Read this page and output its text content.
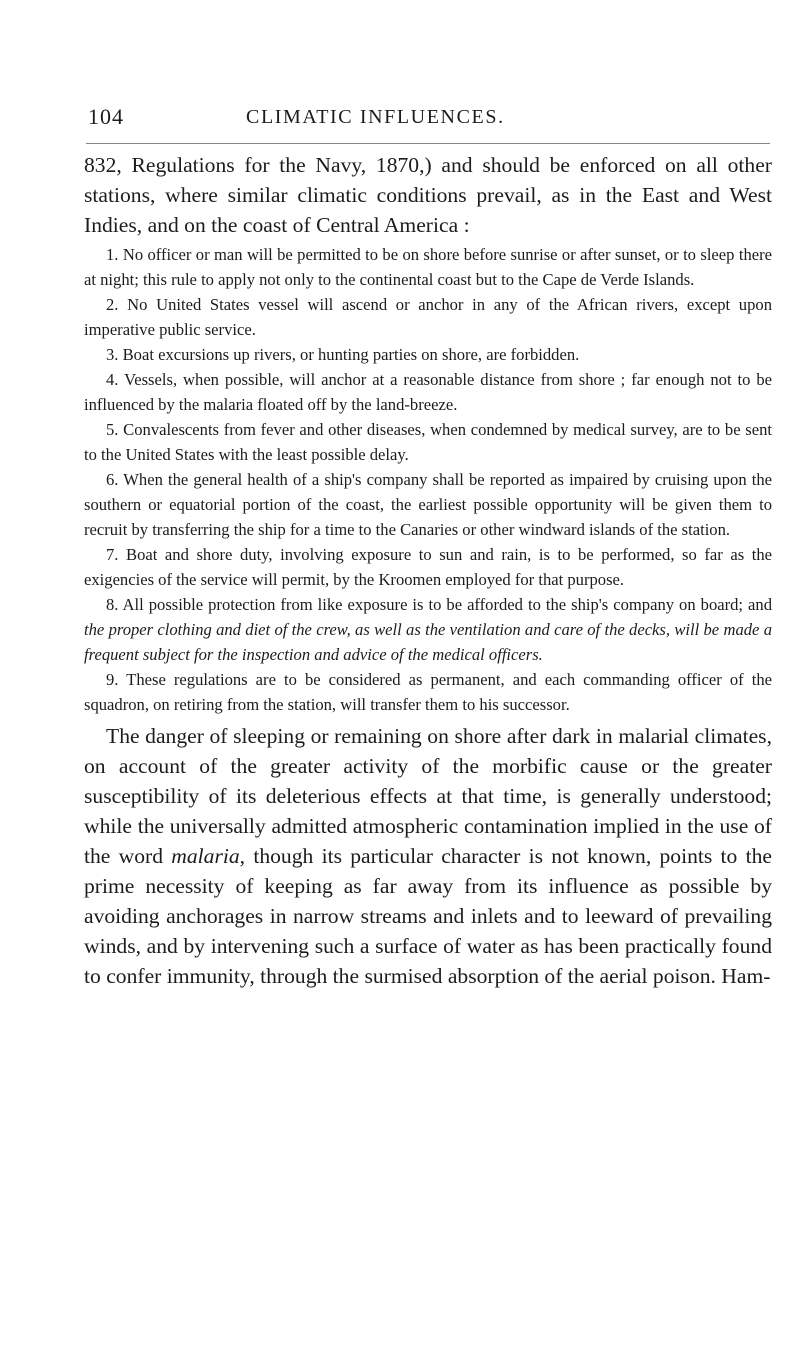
104	CLIMATIC INFLUENCES.

832, Regulations for the Navy, 1870,) and should be enforced on all other stations, where similar climatic conditions prevail, as in the East and West Indies, and on the coast of Central America :

1. No officer or man will be permitted to be on shore before sunrise or after sunset, or to sleep there at night; this rule to apply not only to the continental coast but to the Cape de Verde Islands.
2. No United States vessel will ascend or anchor in any of the African rivers, except upon imperative public service.
3. Boat excursions up rivers, or hunting parties on shore, are forbidden.
4. Vessels, when possible, will anchor at a reasonable distance from shore ; far enough not to be influenced by the malaria floated off by the land-breeze.
5. Convalescents from fever and other diseases, when condemned by medical survey, are to be sent to the United States with the least possible delay.
6. When the general health of a ship's company shall be reported as impaired by cruising upon the southern or equatorial portion of the coast, the earliest possible opportunity will be given them to recruit by transferring the ship for a time to the Canaries or other windward islands of the station.
7. Boat and shore duty, involving exposure to sun and rain, is to be performed, so far as the exigencies of the service will permit, by the Kroomen employed for that purpose.
8. All possible protection from like exposure is to be afforded to the ship's company on board; and the proper clothing and diet of the crew, as well as the ventilation and care of the decks, will be made a frequent subject for the inspection and advice of the medical officers.
9. These regulations are to be considered as permanent, and each commanding officer of the squadron, on retiring from the station, will transfer them to his successor.

The danger of sleeping or remaining on shore after dark in malarial climates, on account of the greater activity of the morbific cause or the greater susceptibility of its deleterious effects at that time, is generally understood; while the universally admitted atmospheric contamination implied in the use of the word malaria, though its particular character is not known, points to the prime necessity of keeping as far away from its influence as possible by avoiding anchorages in narrow streams and inlets and to leeward of prevailing winds, and by intervening such a surface of water as has been practically found to confer immunity, through the surmised absorption of the aerial poison. Ham-
